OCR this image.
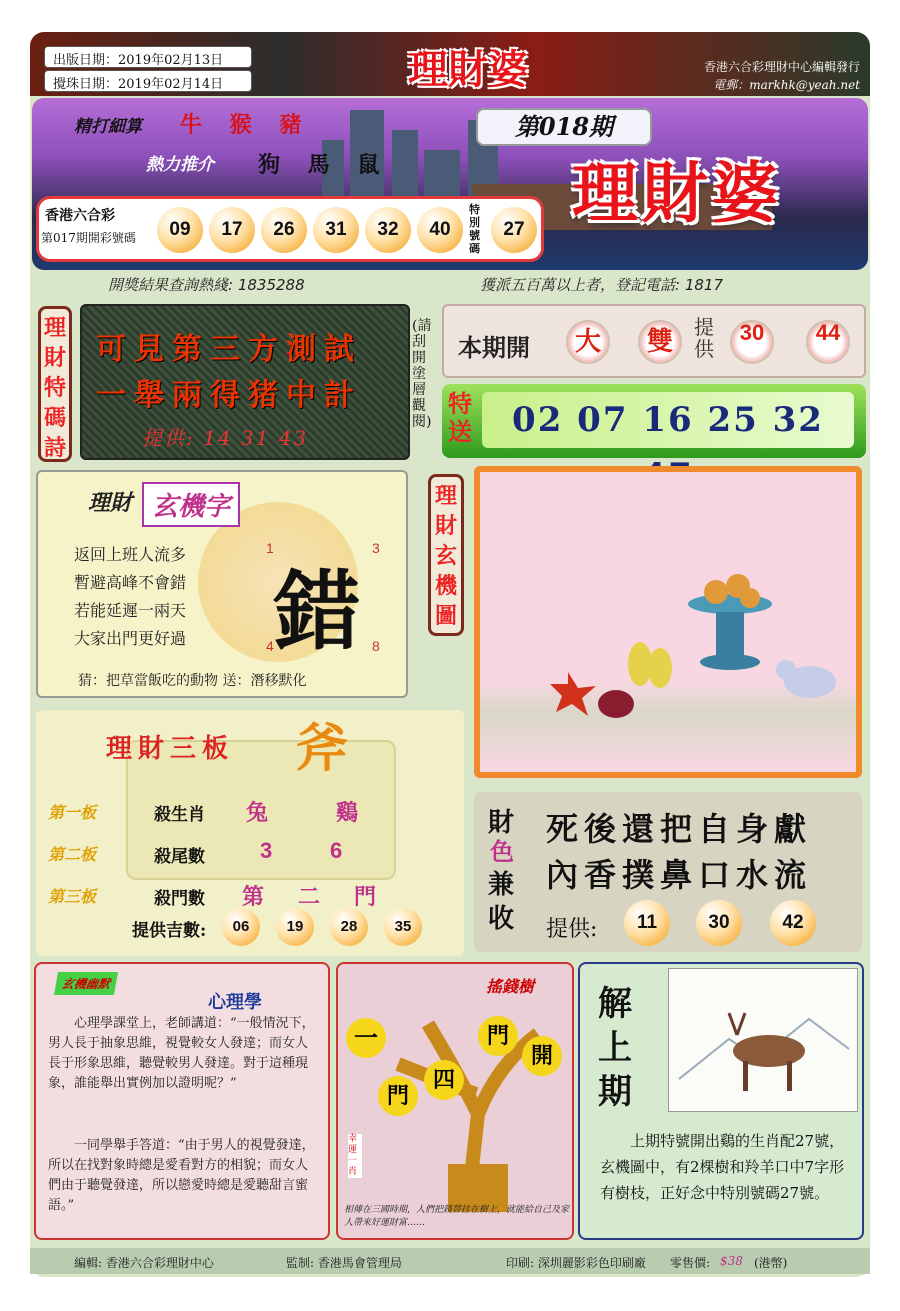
出版日期：2019年02月13日
攪珠日期：2019年02月14日	理財婆	香港六合彩理財中心編輯發行
電郵：markhk@yeah.net
精打細算 牛 猴 豬
熱力推介 狗 馬 鼠
第018期
理財婆
香港六合彩
第017期開彩號碼	09	17	26	31	32	40
特別號碼
27
開獎結果查詢熱綫: 1835288	獲派五百萬以上者，登記電話: 1817
理財特碼詩
可見第三方測試
一舉兩得猪中計
提供: 14 31 43
(請刮開塗層觀閱)
本期開	大	雙	提供
30	44
特送	02 07 16 25 32
理財 玄機字
返回上班人流多
暫避高峰不會錯
若能延遲一兩天
大家出門更好過 錯
1	3
4	8
猜：把草當飯吃的動物 送：潛移默化
理財玄機圖
理財三板 斧
第一板	殺生肖 兔	鷄
第二板	殺尾數	3	6
第三板	殺門數 第 二 門
提供吉數:	06	19	28	35
財
色
兼
收
死後還把自身獻
內香撲鼻口水流
提供:	11	30	42
玄機幽默
心理學
心理學課堂上，老師講道：“一般情況下，男人長于抽象思維，視覺較女人發達；而女人長于形象思維，聽覺較男人發達。對于這種現象，誰能舉出實例加以證明呢？”
一同學舉手答道：“由于男人的視覺發達，所以在找對象時總是愛看對方的相貌；而女人們由于聽覺發達，所以戀愛時總是愛聽甜言蜜語。”
搖錢樹
一	門
四
門
開
幸運一肖
相傳在三國時期，人們把錢替挂在樹上，就能給自己及家人帶來好運財富……
解
上
期
上期特號開出鷄的生肖配27號，玄機圖中，有2棵樹和羚羊口中7字形有樹枝，正好念中特別號碼27號。
編輯: 香港六合彩理財中心	監制: 香港馬會管理局	印刷: 深圳麗影彩色印刷廠 零售價: $38 (港幣)
